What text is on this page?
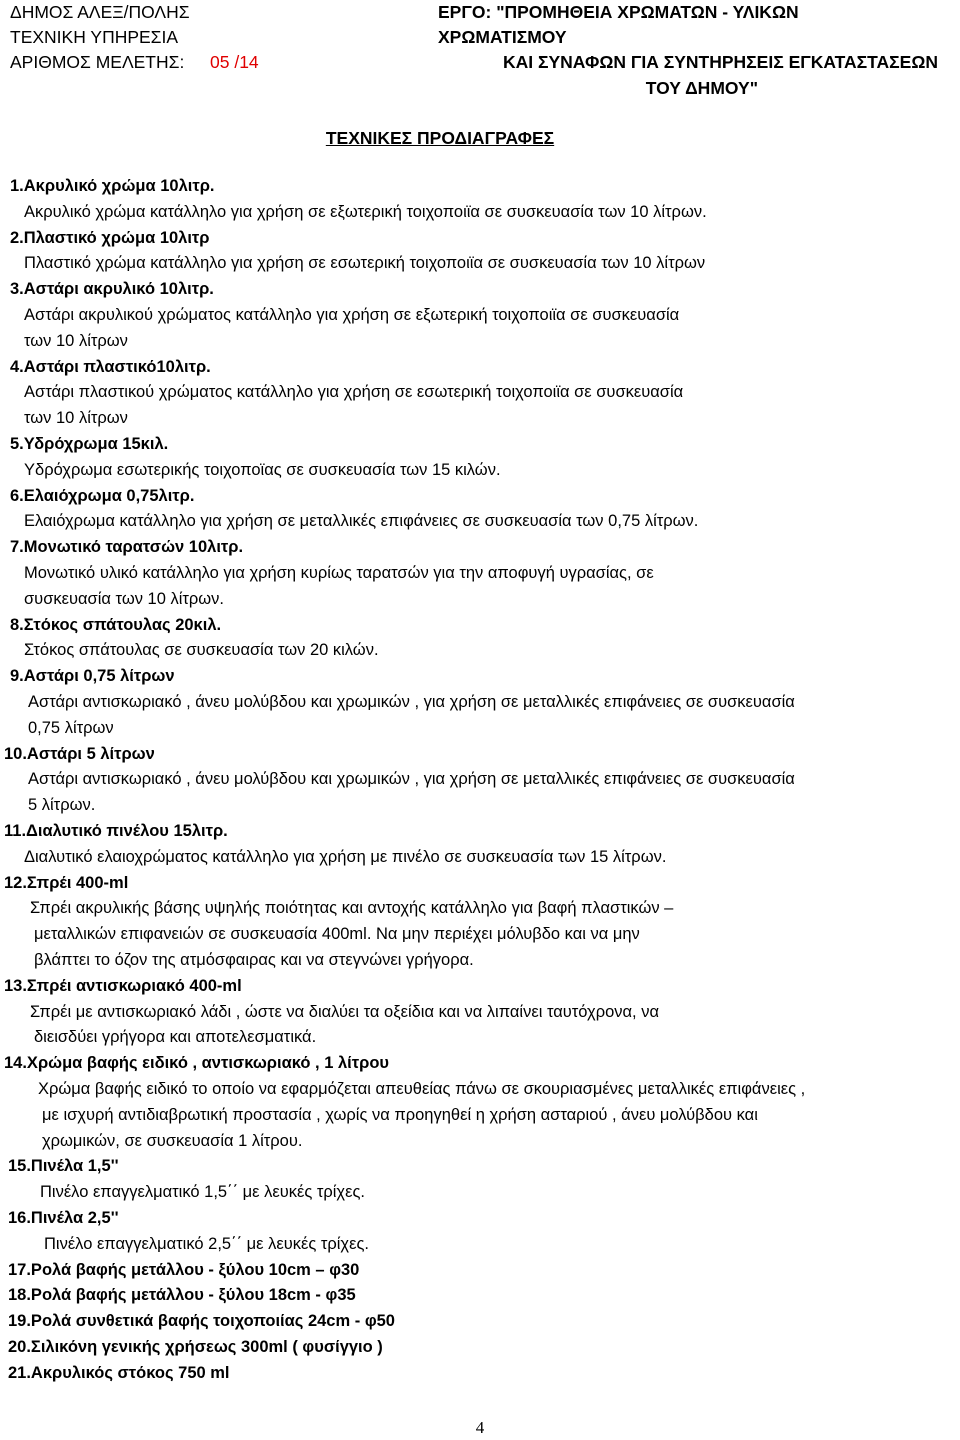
ΔΗΜΟΣ ΑΛΕΞ/ΠΟΛΗΣ
ΤΕΧΝΙΚΗ ΥΠΗΡΕΣΙΑ
ΑΡΙΘΜΟΣ ΜΕΛΕΤΗΣ: 05 /14
ΕΡΓΟ: "ΠΡΟΜΗΘΕΙΑ ΧΡΩΜΑΤΩΝ - ΥΛΙΚΩΝ
ΧΡΩΜΑΤΙΣΜΟΥ
ΚΑΙ ΣΥΝΑΦΩΝ ΓΙΑ ΣΥΝΤΗΡΗΣΕΙΣ ΕΓΚΑΤΑΣΤΑΣΕΩΝ
ΤΟΥ ΔΗΜΟΥ"
ΤΕΧΝΙΚΕΣ ΠΡΟΔΙΑΓΡΑΦΕΣ
1.Ακρυλικό χρώμα 10λιτρ.
Ακρυλικό χρώμα κατάλληλο για χρήση σε εξωτερική τοιχοποιϊα σε συσκευασία των 10 λίτρων.
2.Πλαστικό χρώμα 10λιτρ
Πλαστικό χρώμα κατάλληλο για χρήση σε εσωτερική τοιχοποιϊα σε συσκευασία των 10 λίτρων
3.Αστάρι ακρυλικό 10λιτρ.
Αστάρι ακρυλικού χρώματος κατάλληλο για χρήση σε εξωτερική τοιχοποιϊα σε συσκευασία
των 10 λίτρων
4.Αστάρι πλαστικό10λιτρ.
Αστάρι πλαστικού χρώματος κατάλληλο για χρήση σε εσωτερική τοιχοποιϊα σε συσκευασία
των 10 λίτρων
5.Υδρόχρωμα 15κιλ.
Υδρόχρωμα εσωτερικής τοιχοποϊας σε συσκευασία των 15 κιλών.
6.Ελαιόχρωμα 0,75λιτρ.
Ελαιόχρωμα κατάλληλο για χρήση σε μεταλλικές επιφάνειες σε συσκευασία των 0,75 λίτρων.
7.Μονωτικό ταρατσών 10λιτρ.
Μονωτικό υλικό κατάλληλο για χρήση κυρίως ταρατσών για την αποφυγή υγρασίας, σε
συσκευασία των 10 λίτρων.
8.Στόκος σπάτουλας 20κιλ.
Στόκος σπάτουλας σε συσκευασία των 20 κιλών.
9.Αστάρι 0,75 λίτρων
Αστάρι αντισκωριακό , άνευ μολύβδου και χρωμικών , για χρήση σε μεταλλικές επιφάνειες σε συσκευασία
0,75 λίτρων
10.Αστάρι 5 λίτρων
Αστάρι αντισκωριακό , άνευ μολύβδου και χρωμικών , για χρήση σε μεταλλικές επιφάνειες σε συσκευασία
5 λίτρων.
11.Διαλυτικό πινέλου 15λιτρ.
Διαλυτικό ελαιοχρώματος κατάλληλο για χρήση με πινέλο σε συσκευασία των 15 λίτρων.
12.Σπρέι 400-ml
Σπρέι ακρυλικής βάσης υψηλής ποιότητας και αντοχής κατάλληλο για βαφή πλαστικών –
μεταλλικών επιφανειών σε συσκευασία 400ml. Να μην περιέχει μόλυβδο και να μην
βλάπτει το όζον της ατμόσφαιρας και να στεγνώνει γρήγορα.
13.Σπρέι αντισκωριακό 400-ml
Σπρέι με αντισκωριακό λάδι , ώστε να διαλύει τα οξείδια και να λιπαίνει ταυτόχρονα, να
διεισδύει γρήγορα και αποτελεσματικά.
14.Χρώμα βαφής ειδικό , αντισκωριακό , 1 λίτρου
Χρώμα βαφής ειδικό το οποίο να εφαρμόζεται απευθείας πάνω σε σκουριασμένες μεταλλικές επιφάνειες ,
με ισχυρή αντιδιαβρωτική προστασία , χωρίς να προηγηθεί η χρήση ασταριού , άνευ μολύβδου και
χρωμικών, σε συσκευασία 1 λίτρου.
15.Πινέλα 1,5''
Πινέλο επαγγελματικό 1,5΄΄ με λευκές τρίχες.
16.Πινέλα 2,5''
Πινέλο επαγγελματικό 2,5΄΄ με λευκές τρίχες.
17.Ρολά βαφής μετάλλου - ξύλου 10cm – φ30
18.Ρολά βαφής μετάλλου - ξύλου 18cm - φ35
19.Ρολά συνθετικά βαφής τοιχοποιίας 24cm - φ50
20.Σιλικόνη γενικής χρήσεως 300ml ( φυσίγγιο )
21.Ακρυλικός στόκος 750 ml
4
